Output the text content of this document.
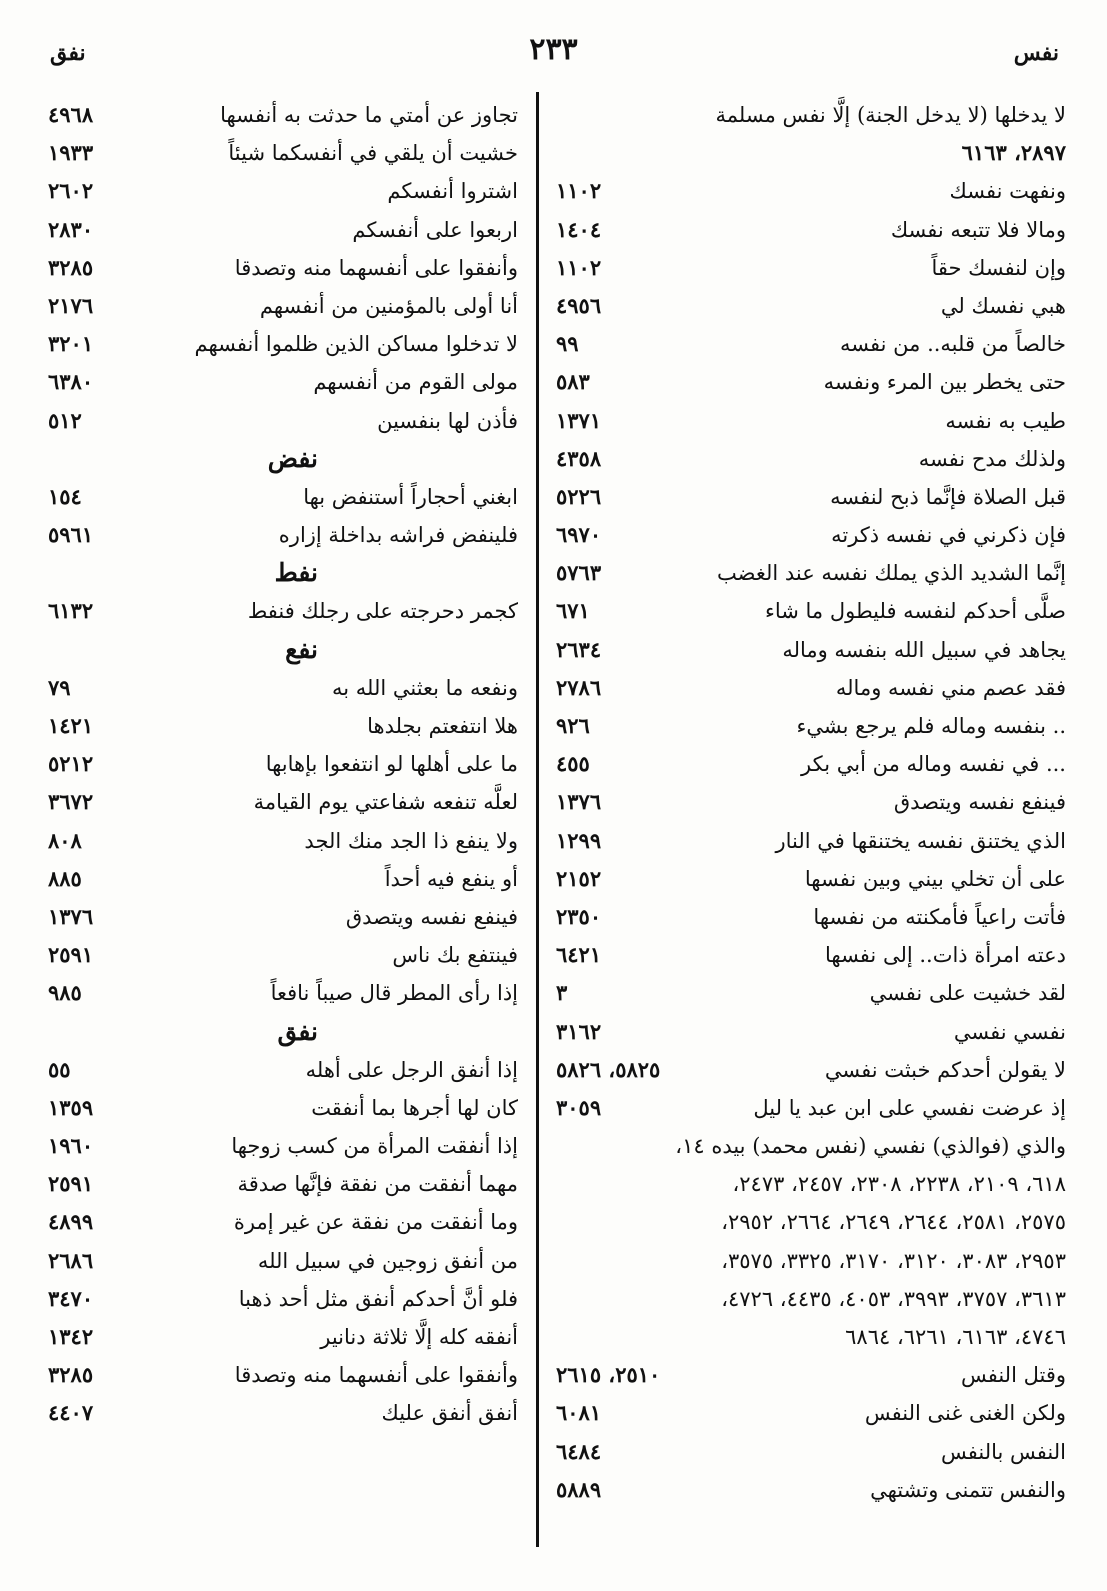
نفق	٢٣٣	نفس
تجاوز عن أمتي ما حدثت به أنفسها
٤٩٦٨
خشيت أن يلقي في أنفسكما شيئاً
١٩٣٣
اشتروا أنفسكم
٢٦٠٢
اربعوا على أنفسكم
٢٨٣٠
وأنفقوا على أنفسهما منه وتصدقا
٣٢٨٥
أنا أولى بالمؤمنين من أنفسهم
٢١٧٦
لا تدخلوا مساكن الذين ظلموا أنفسهم
٣٢٠١
مولى القوم من أنفسهم
٦٣٨٠
فأذن لها بنفسين
٥١٢
نفض
ابغني أحجاراً أستنفض بها
١٥٤
فلينفض فراشه بداخلة إزاره
٥٩٦١
نفط
كجمر دحرجته على رجلك فنفط
٦١٣٢
نفع
ونفعه ما بعثني الله به
٧٩
هلا انتفعتم بجلدها
١٤٢١
ما على أهلها لو انتفعوا بإهابها
٥٢١٢
لعلَّه تنفعه شفاعتي يوم القيامة
٣٦٧٢
ولا ينفع ذا الجد منك الجد
٨٠٨
أو ينفع فيه أحداً
٨٨٥
فينفع نفسه ويتصدق
١٣٧٦
فينتفع بك ناس
٢٥٩١
إذا رأى المطر قال صيباً نافعاً
٩٨٥
نفق
إذا أنفق الرجل على أهله
٥٥
كان لها أجرها بما أنفقت
١٣٥٩
إذا أنفقت المرأة من كسب زوجها
١٩٦٠
مهما أنفقت من نفقة فإنَّها صدقة
٢٥٩١
وما أنفقت من نفقة عن غير إمرة
٤٨٩٩
من أنفق زوجين في سبيل الله
٢٦٨٦
فلو أنَّ أحدكم أنفق مثل أحد ذهبا
٣٤٧٠
أنفقه كله إلَّا ثلاثة دنانير
١٣٤٢
وأنفقوا على أنفسهما منه وتصدقا
٣٢٨٥
أنفق أنفق عليك
٤٤٠٧
لا يدخلها (لا يدخل الجنة) إلَّا نفس مسلمة
٢٨٩٧، ٦١٦٣
ونفهت نفسك
١١٠٢
ومالا فلا تتبعه نفسك
١٤٠٤
وإن لنفسك حقاً
١١٠٢
هبي نفسك لي
٤٩٥٦
خالصاً من قلبه.. من نفسه
٩٩
حتى يخطر بين المرء ونفسه
٥٨٣
طيب به نفسه
١٣٧١
ولذلك مدح نفسه
٤٣٥٨
قبل الصلاة فإنَّما ذبح لنفسه
٥٢٢٦
فإن ذكرني في نفسه ذكرته
٦٩٧٠
إنَّما الشديد الذي يملك نفسه عند الغضب
٥٧٦٣
صلَّى أحدكم لنفسه فليطول ما شاء
٦٧١
يجاهد في سبيل الله بنفسه وماله
٢٦٣٤
فقد عصم مني نفسه وماله
٢٧٨٦
.. بنفسه وماله فلم يرجع بشيء
٩٢٦
... في نفسه وماله من أبي بكر
٤٥٥
فينفع نفسه ويتصدق
١٣٧٦
الذي يختنق نفسه يختنقها في النار
١٢٩٩
على أن تخلي بيني وبين نفسها
٢١٥٢
فأتت راعياً فأمكنته من نفسها
٢٣٥٠
دعته امرأة ذات.. إلى نفسها
٦٤٢١
لقد خشيت على نفسي
٣
نفسي نفسي
٣١٦٢
لا يقولن أحدكم خبثت نفسي
٥٨٢٥، ٥٨٢٦
إذ عرضت نفسي على ابن عبد يا ليل
٣٠٥٩
والذي (فوالذي) نفسي (نفس محمد) بيده ١٤،
٦١٨، ٢١٠٩، ٢٢٣٨، ٢٣٠٨، ٢٤٥٧، ٢٤٧٣،
٢٥٧٥، ٢٥٨١، ٢٦٤٤، ٢٦٤٩، ٢٦٦٤، ٢٩٥٢،
٢٩٥٣، ٣٠٨٣، ٣١٢٠، ٣١٧٠، ٣٣٢٥، ٣٥٧٥،
٣٦١٣، ٣٧٥٧، ٣٩٩٣، ٤٠٥٣، ٤٤٣٥، ٤٧٢٦،
٤٧٤٦، ٦١٦٣، ٦٢٦١، ٦٨٦٤
وقتل النفس
٢٥١٠، ٢٦١٥
ولكن الغنى غنى النفس
٦٠٨١
النفس بالنفس
٦٤٨٤
والنفس تتمنى وتشتهي
٥٨٨٩
